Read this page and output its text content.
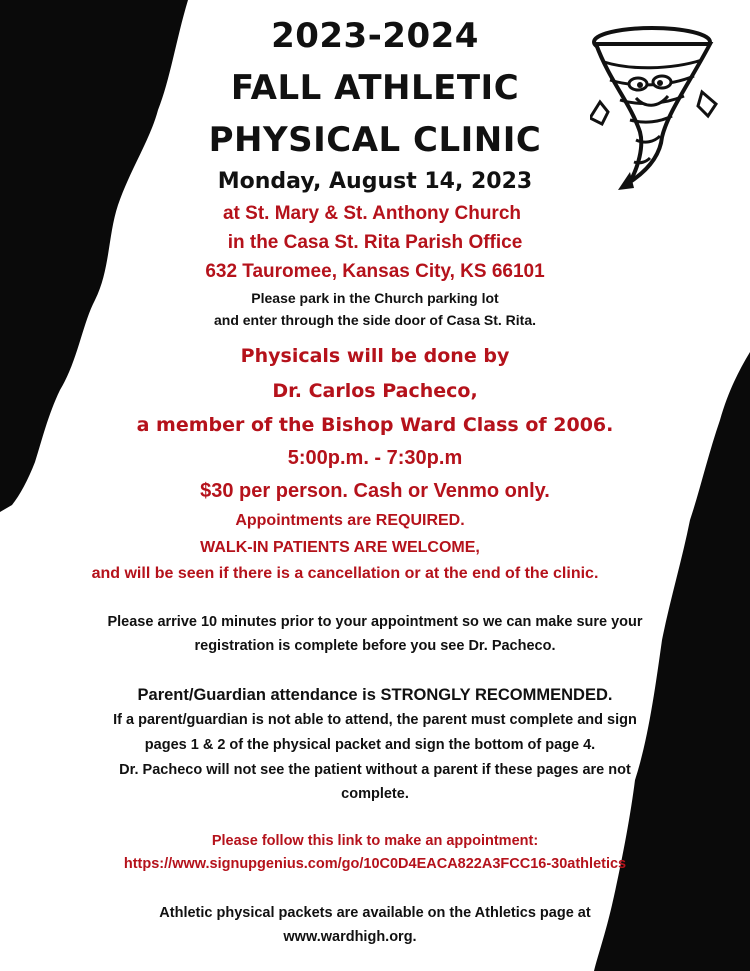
2023-2024
FALL ATHLETIC
PHYSICAL CLINIC
Monday, August 14, 2023
at St. Mary & St. Anthony Church
in the Casa St. Rita Parish Office
632 Tauromee, Kansas City, KS 66101
Please park in the Church parking lot
and enter through the side door of Casa St. Rita.
Physicals will be done by
Dr. Carlos Pacheco,
a member of the Bishop Ward Class of 2006.
5:00p.m. - 7:30p.m
$30 per person. Cash or Venmo only.
Appointments are REQUIRED.
WALK-IN PATIENTS ARE WELCOME,
and will be seen if there is a cancellation or at the end of the clinic.
Please arrive 10 minutes prior to your appointment so we can make sure your
registration is complete before you see Dr. Pacheco.
Parent/Guardian attendance is STRONGLY RECOMMENDED.
If a parent/guardian is not able to attend, the parent must complete and sign
pages 1 & 2 of the physical packet and sign the bottom of page 4.
Dr. Pacheco will not see the patient without a parent if these pages are not
complete.
Please follow this link to make an appointment:
https://www.signupgenius.com/go/10C0D4EACA822A3FCC16-30athletics
Athletic physical packets are available on the Athletics page at
www.wardhigh.org.
